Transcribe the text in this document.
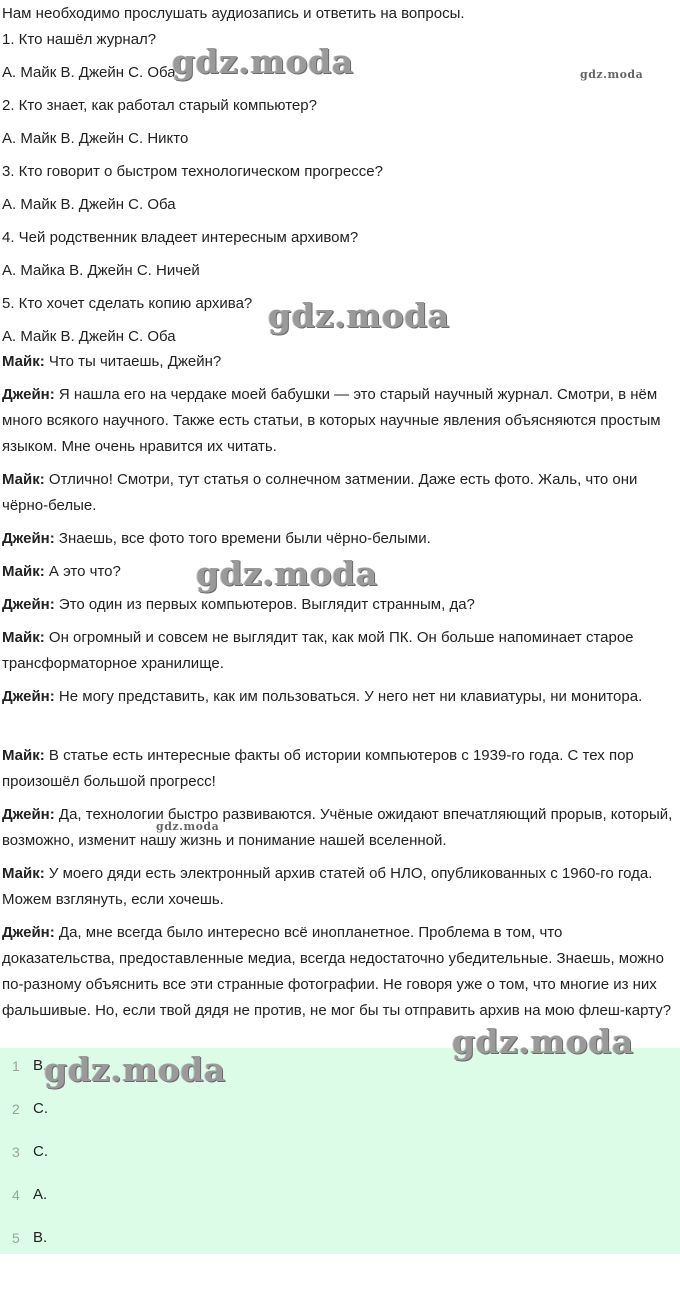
Нам необходимо прослушать аудиозапись и ответить на вопросы.
1. Кто нашёл журнал?
A. Майк B. Джейн C. Оба
2. Кто знает, как работал старый компьютер?
A. Майк B. Джейн C. Никто
3. Кто говорит о быстром технологическом прогрессе?
A. Майк B. Джейн C. Оба
4. Чей родственник владеет интересным архивом?
A. Майка B. Джейн C. Ничей
5. Кто хочет сделать копию архива?
A. Майк B. Джейн C. Оба
Майк: Что ты читаешь, Джейн?
Джейн: Я нашла его на чердаке моей бабушки — это старый научный журнал. Смотри, в нём много всякого научного. Также есть статьи, в которых научные явления объясняются простым языком. Мне очень нравится их читать.
Майк: Отлично! Смотри, тут статья о солнечном затмении. Даже есть фото. Жаль, что они чёрно-белые.
Джейн: Знаешь, все фото того времени были чёрно-белыми.
Майк: А это что?
Джейн: Это один из первых компьютеров. Выглядит странным, да?
Майк: Он огромный и совсем не выглядит так, как мой ПК. Он больше напоминает старое трансформаторное хранилище.
Джейн: Не могу представить, как им пользоваться. У него нет ни клавиатуры, ни монитора.
Майк: В статье есть интересные факты об истории компьютеров с 1939-го года. С тех пор произошёл большой прогресс!
Джейн: Да, технологии быстро развиваются. Учёные ожидают впечатляющий прорыв, который, возможно, изменит нашу жизнь и понимание нашей вселенной.
Майк: У моего дяди есть электронный архив статей об НЛО, опубликованных с 1960-го года. Можем взглянуть, если хочешь.
Джейн: Да, мне всегда было интересно всё инопланетное. Проблема в том, что доказательства, предоставленные медиа, всегда недостаточно убедительные. Знаешь, можно по-разному объяснить все эти странные фотографии. Не говоря уже о том, что многие из них фальшивые. Но, если твой дядя не против, не мог бы ты отправить архив на мою флеш-карту?
1 B.
2 C.
3 C.
4 A.
5 B.
gdz.moda	gdz.moda
gdz.moda
gdz.moda
gdz.moda
gdz.moda
gdz.moda
